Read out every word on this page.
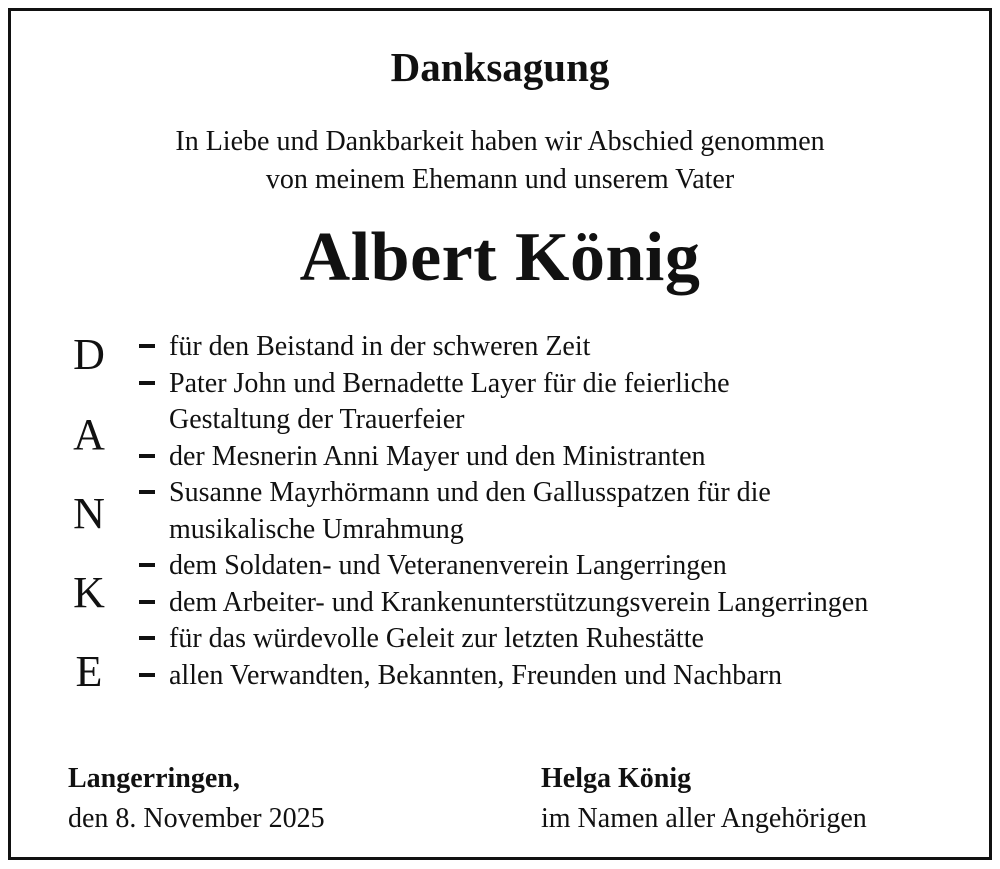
Danksagung
In Liebe und Dankbarkeit haben wir Abschied genommen
von meinem Ehemann und unserem Vater
Albert König
D
A
N
K
E
für den Beistand in der schweren Zeit
Pater John und Bernadette Layer für die feierliche Gestaltung der Trauerfeier
der Mesnerin Anni Mayer und den Ministranten
Susanne Mayrhörmann und den Gallusspatzen für die musikalische Umrahmung
dem Soldaten- und Veteranenverein Langerringen
dem Arbeiter- und Krankenunterstützungsverein Langerringen
für das würdevolle Geleit zur letzten Ruhestätte
allen Verwandten, Bekannten, Freunden und Nachbarn
Langerringen,
den 8. November 2025
Helga König
im Namen aller Angehörigen
